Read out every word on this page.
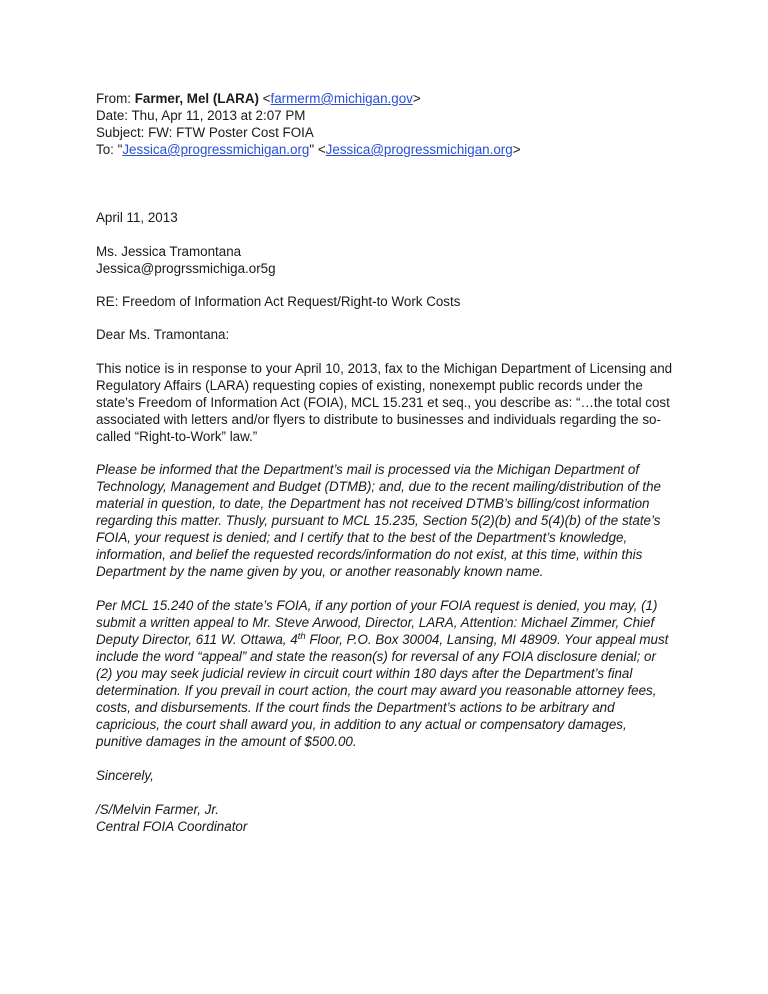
From: Farmer, Mel (LARA) <farmerm@michigan.gov>
Date: Thu, Apr 11, 2013 at 2:07 PM
Subject: FW: FTW Poster Cost FOIA
To: "Jessica@progressmichigan.org" <Jessica@progressmichigan.org>

April 11, 2013

Ms. Jessica Tramontana

Jessica@progrssmichiga.or5g

RE: Freedom of Information Act Request/Right-to Work Costs

Dear Ms. Tramontana:

This notice is in response to your April 10, 2013, fax to the Michigan Department of Licensing and Regulatory Affairs (LARA) requesting copies of existing, nonexempt public records under the state’s Freedom of Information Act (FOIA), MCL 15.231 et seq., you describe as: “…the total cost associated with letters and/or flyers to distribute to businesses and individuals regarding the so-called “Right-to-Work” law.”

Please be informed that the Department’s mail is processed via the Michigan Department of Technology, Management and Budget (DTMB); and, due to the recent mailing/distribution of the material in question, to date, the Department has not received DTMB’s billing/cost information regarding this matter. Thusly, pursuant to MCL 15.235, Section 5(2)(b) and 5(4)(b) of the state’s FOIA, your request is denied; and I certify that to the best of the Department’s knowledge, information, and belief the requested records/information do not exist, at this time, within this Department by the name given by you, or another reasonably known name.

Per MCL 15.240 of the state’s FOIA, if any portion of your FOIA request is denied, you may, (1) submit a written appeal to Mr. Steve Arwood, Director, LARA, Attention: Michael Zimmer, Chief Deputy Director, 611 W. Ottawa, 4th Floor, P.O. Box 30004, Lansing, MI 48909. Your appeal must include the word “appeal” and state the reason(s) for reversal of any FOIA disclosure denial; or (2) you may seek judicial review in circuit court within 180 days after the Department’s final determination. If you prevail in court action, the court may award you reasonable attorney fees, costs, and disbursements. If the court finds the Department’s actions to be arbitrary and capricious, the court shall award you, in addition to any actual or compensatory damages, punitive damages in the amount of $500.00.

Sincerely,

/S/Melvin Farmer, Jr.

Central FOIA Coordinator
